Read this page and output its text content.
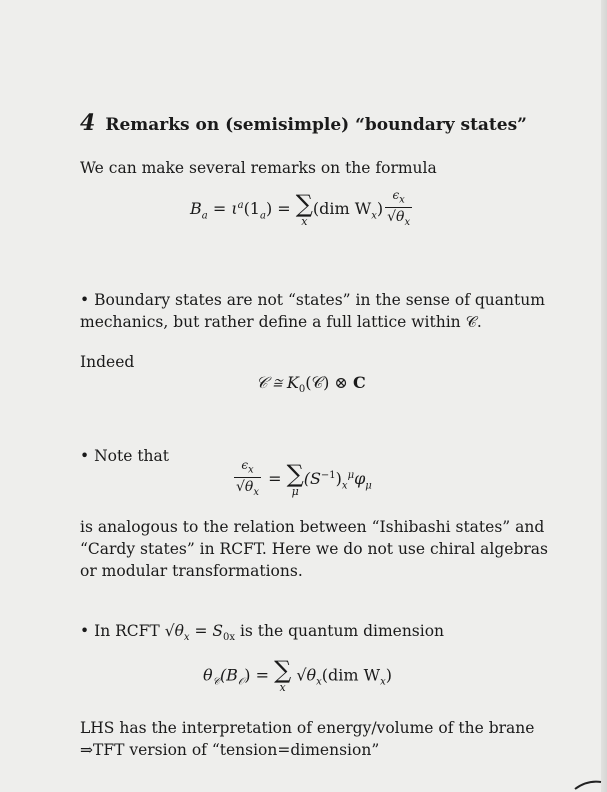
4 Remarks on (semisimple) “boundary states”
We can make several remarks on the formula
$B_a = \iota^a(1_a)$ = ∑
x
(dim $W_x) \frac{\epsilon_x}{√\theta_x}$
• Boundary states are not “states” in the sense of quantum mechanics, but rather define a full lattice within 𝒞.
Indeed
𝒞 ≅ $K_0(𝒞)$ ⊗ C
• Note that
$\frac{\epsilon_x}{√\theta_x}$ = ∑
μ
$(S^{-1})_x^\mu\varphi_\mu$
is analogous to the relation between “Ishibashi states” and “Cardy states” in RCFT. Here we do not use chiral algebras or modular transformations.
• In RCFT $√\theta_x = S_{0x}$ is the quantum dimension
$\theta_𝒞(B_𝒪)$ = ∑
x
$√\theta_x(dim$ $W_x$)
LHS has the interpretation of energy/volume of the brane
⇒TFT version of “tension=dimension”
